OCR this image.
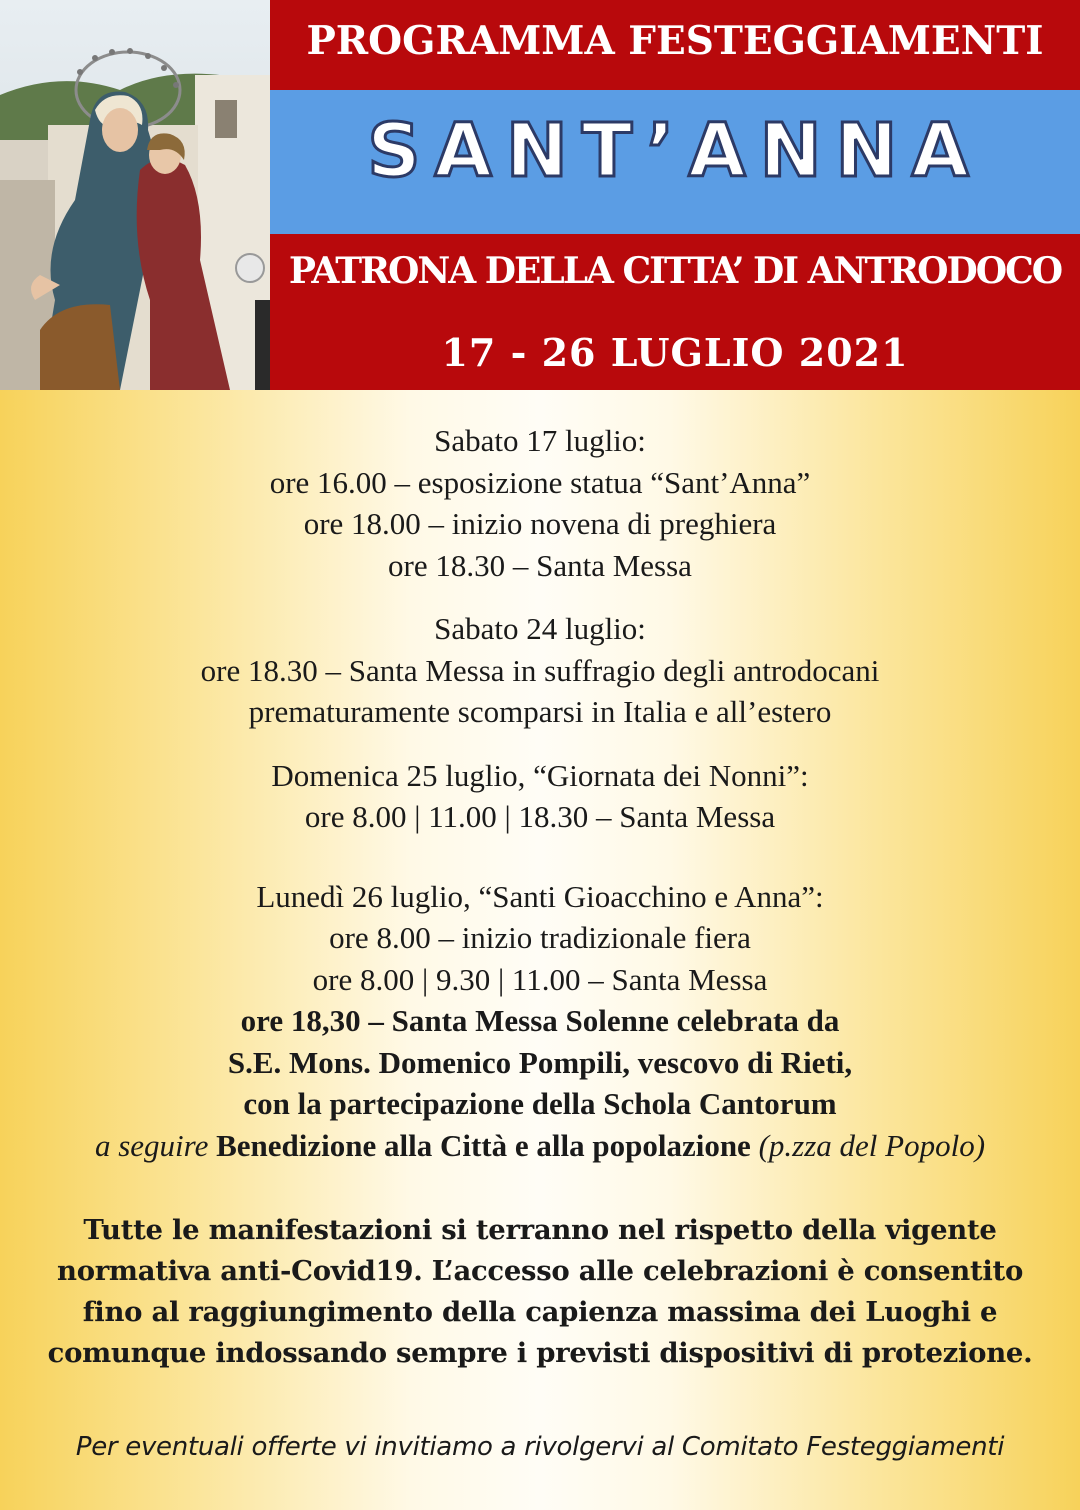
PROGRAMMA FESTEGGIAMENTI
SANT’ANNA
PATRONA DELLA CITTA’ DI ANTRODOCO
17 - 26 LUGLIO 2021

Sabato 17 luglio:

ore 16.00 – esposizione statua “Sant’Anna”

ore 18.00 – inizio novena di preghiera

ore 18.30 – Santa Messa

Sabato 24 luglio:

ore 18.30 – Santa Messa in suffragio degli antrodocani

prematuramente scomparsi in Italia e all’estero

Domenica 25 luglio, “Giornata dei Nonni”:

ore 8.00 | 11.00 | 18.30 – Santa Messa

Lunedì 26 luglio, “Santi Gioacchino e Anna”:

ore 8.00 – inizio tradizionale fiera

ore 8.00 | 9.30 | 11.00 – Santa Messa

ore 18,30 – Santa Messa Solenne celebrata da

S.E. Mons. Domenico Pompili, vescovo di Rieti,

con la partecipazione della Schola Cantorum

a seguire Benedizione alla Città e alla popolazione (p.zza del Popolo)

Tutte le manifestazioni si terranno nel rispetto della vigente

normativa anti-Covid19. L’accesso alle celebrazioni è consentito

fino al raggiungimento della capienza massima dei Luoghi e

comunque indossando sempre i previsti dispositivi di protezione.

Per eventuali offerte vi invitiamo a rivolgervi al Comitato Festeggiamenti
